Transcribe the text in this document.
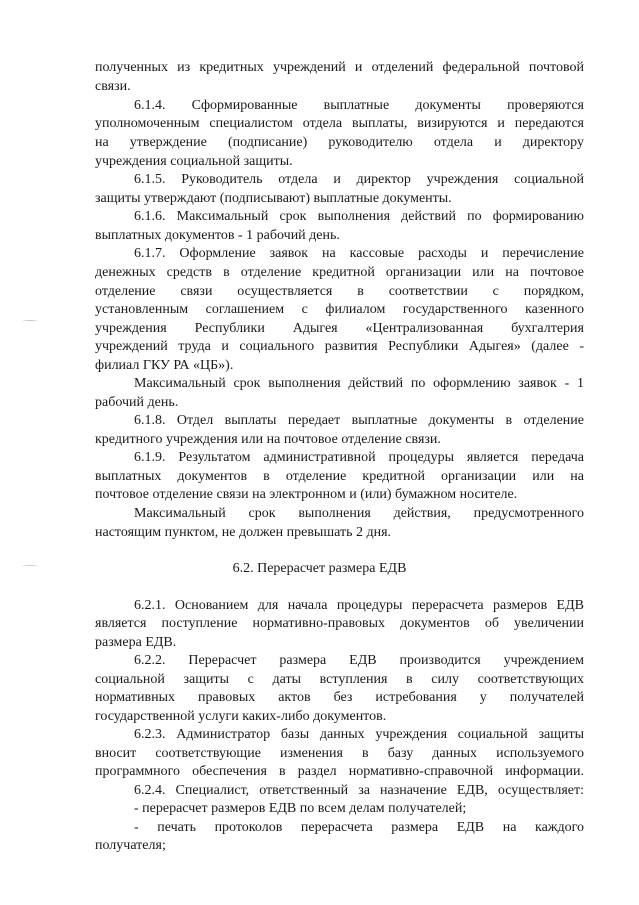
полученных из кредитных учреждений и отделений федеральной почтовой
связи.
6.1.4. Сформированные выплатные документы проверяются
уполномоченным специалистом отдела выплаты, визируются и передаются
на утверждение (подписание) руководителю отдела и директору
учреждения социальной защиты.
6.1.5. Руководитель отдела и директор учреждения социальной
защиты утверждают (подписывают) выплатные документы.
6.1.6. Максимальный срок выполнения действий по формированию
выплатных документов - 1 рабочий день.
6.1.7. Оформление заявок на кассовые расходы и перечисление
денежных средств в отделение кредитной организации или на почтовое
отделение связи осуществляется в соответствии с порядком,
установленным соглашением с филиалом государственного казенного
учреждения Республики Адыгея «Централизованная бухгалтерия
учреждений труда и социального развития Республики Адыгея» (далее -
филиал ГКУ РА «ЦБ»).
Максимальный срок выполнения действий по оформлению заявок - 1
рабочий день.
6.1.8. Отдел выплаты передает выплатные документы в отделение
кредитного учреждения или на почтовое отделение связи.
6.1.9. Результатом административной процедуры является передача
выплатных документов в отделение кредитной организации или на
почтовое отделение связи на электронном и (или) бумажном носителе.
Максимальный срок выполнения действия, предусмотренного
настоящим пунктом, не должен превышать 2 дня.
6.2. Перерасчет размера ЕДВ
6.2.1. Основанием для начала процедуры перерасчета размеров ЕДВ
является поступление нормативно-правовых документов об увеличении
размера ЕДВ.
6.2.2. Перерасчет размера ЕДВ производится учреждением
социальной защиты с даты вступления в силу соответствующих
нормативных правовых актов без истребования у получателей
государственной услуги каких-либо документов.
6.2.3. Администратор базы данных учреждения социальной защиты
вносит соответствующие изменения в базу данных используемого
программного обеспечения в раздел нормативно-справочной информации.
6.2.4. Специалист, ответственный за назначение ЕДВ, осуществляет:
- перерасчет размеров ЕДВ по всем делам получателей;
- печать протоколов перерасчета размера ЕДВ на каждого
получателя;
